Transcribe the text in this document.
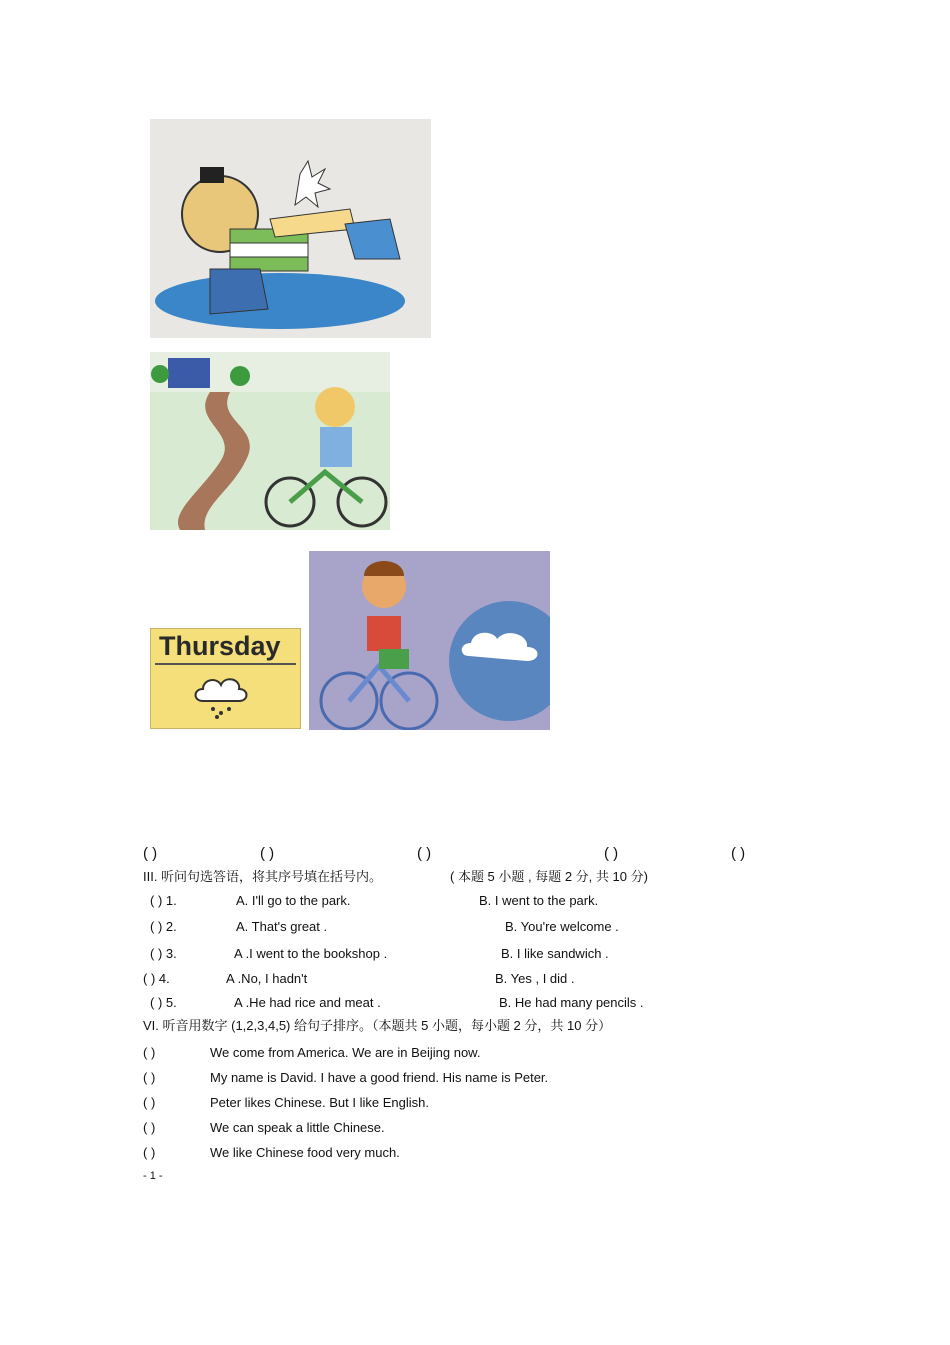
Thursday
( )	( )	( )	( )	( )
III. 听问句选答语，将其序号填在括号内。	( 本题 5 小题 , 每题 2 分, 共 10 分)
( ) 1.	A. I'll go to the park.	B. I went to the park.
( ) 2.	A. That's great .	B. You're welcome .
( ) 3.	A .I went to the bookshop .	B. I like sandwich .
( ) 4.	A .No, I hadn't	B. Yes , I did .
( ) 5.	A .He had rice and meat .	B. He had many pencils .
VI. 听音用数字 (1,2,3,4,5) 给句子排序。（本题共 5 小题，每小题 2 分，共 10 分）
( )	We come from America. We are in Beijing now.
( )	My name is David. I have a good friend. His name is Peter.
( )	Peter likes Chinese. But I like English.
( )	We can speak a little Chinese.
( )	We like Chinese food very much.
- 1 -
